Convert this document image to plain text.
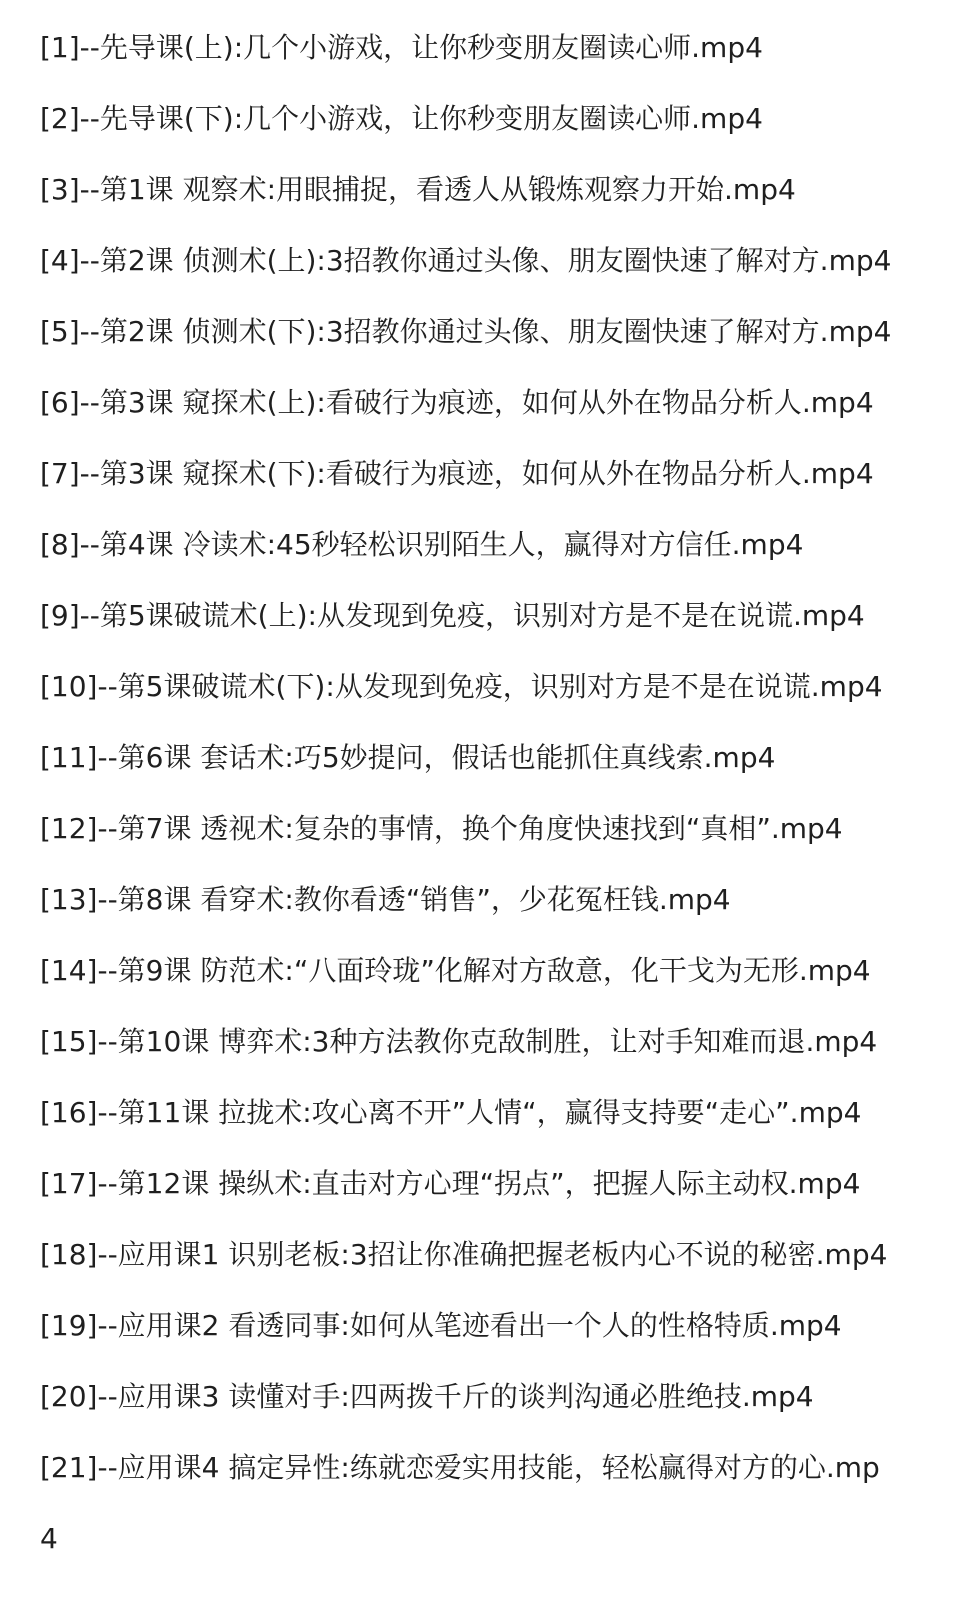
[1]--先导课(上):几个小游戏，让你秒变朋友圈读心师.mp4
[2]--先导课(下):几个小游戏，让你秒变朋友圈读心师.mp4
[3]--第1课 观察术:用眼捕捉，看透人从锻炼观察力开始.mp4
[4]--第2课 侦测术(上):3招教你通过头像、朋友圈快速了解对方.mp4
[5]--第2课 侦测术(下):3招教你通过头像、朋友圈快速了解对方.mp4
[6]--第3课 窥探术(上):看破行为痕迹，如何从外在物品分析人.mp4
[7]--第3课 窥探术(下):看破行为痕迹，如何从外在物品分析人.mp4
[8]--第4课 冷读术:45秒轻松识别陌生人，赢得对方信任.mp4
[9]--第5课破谎术(上):从发现到免疫，识别对方是不是在说谎.mp4
[10]--第5课破谎术(下):从发现到免疫，识别对方是不是在说谎.mp4
[11]--第6课 套话术:巧5妙提问，假话也能抓住真线索.mp4
[12]--第7课 透视术:复杂的事情，换个角度快速找到“真相”.mp4
[13]--第8课 看穿术:教你看透“销售”，少花冤枉钱.mp4
[14]--第9课 防范术:“八面玲珑”化解对方敌意，化干戈为无形.mp4
[15]--第10课 博弈术:3种方法教你克敌制胜，让对手知难而退.mp4
[16]--第11课 拉拢术:攻心离不开”人情“，赢得支持要“走心”.mp4
[17]--第12课 操纵术:直击对方心理“拐点”，把握人际主动权.mp4
[18]--应用课1 识别老板:3招让你准确把握老板内心不说的秘密.mp4
[19]--应用课2 看透同事:如何从笔迹看出一个人的性格特质.mp4
[20]--应用课3 读懂对手:四两拨千斤的谈判沟通必胜绝技.mp4
[21]--应用课4 搞定异性:练就恋爱实用技能，轻松赢得对方的心.mp
4
